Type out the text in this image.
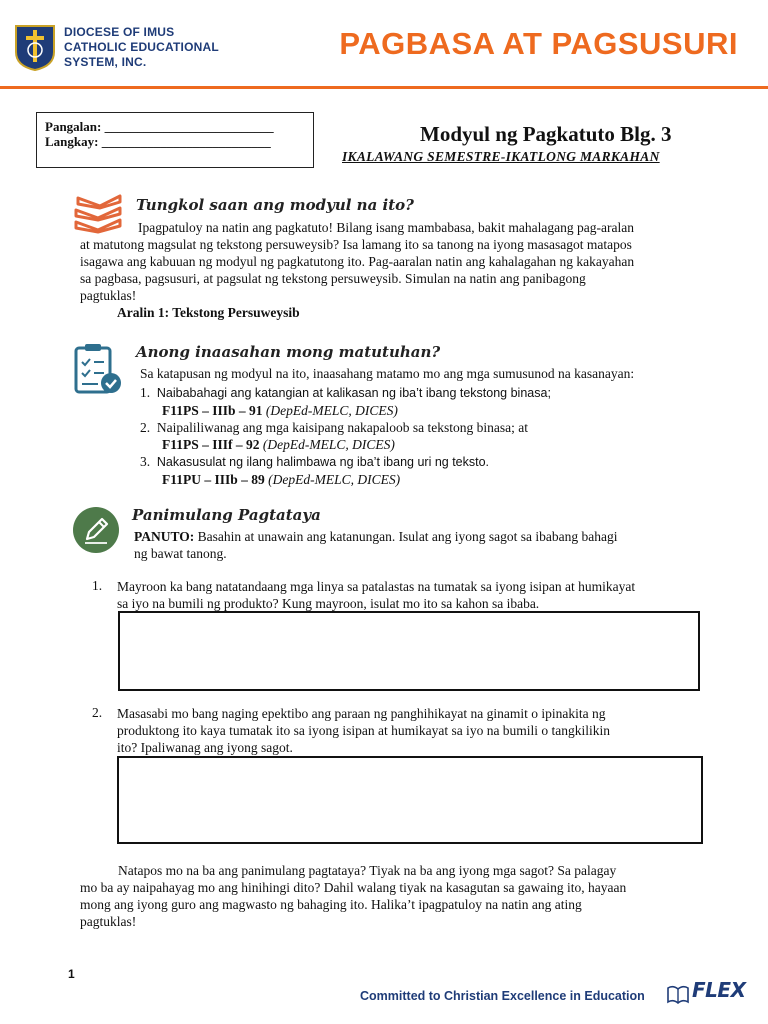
DIOCESE OF IMUS
CATHOLIC EDUCATIONAL
SYSTEM, INC.
PAGBASA AT PAGSUSURI
Pangalan: __________________________
Langkay: __________________________	Modyul ng Pagkatuto Blg. 3
IKALAWANG SEMESTRE-IKATLONG MARKAHAN
Tungkol saan ang modyul na ito?
Ipagpatuloy na natin ang pagkatuto! Bilang isang mambabasa, bakit mahalagang pag-aralan
at matutong magsulat ng tekstong persuweysib? Isa lamang ito sa tanong na iyong masasagot matapos
isagawa ang kabuuan ng modyul ng pagkatutong ito. Pag-aaralan natin ang kahalagahan ng kakayahan
sa pagbasa, pagsusuri, at pagsulat ng tekstong persuweysib. Simulan na natin ang panibagong
pagtuklas!
Aralin 1: Tekstong Persuweysib
Anong inaasahan mong matutuhan?
Sa katapusan ng modyul na ito, inaasahang matamo mo ang mga sumusunod na kasanayan:
1. Naibabahagi ang katangian at kalikasan ng iba’t ibang tekstong binasa;
F11PS – IIIb – 91 (DepEd-MELC, DICES)
2. Naipaliliwanag ang mga kaisipang nakapaloob sa tekstong binasa; at
F11PS – IIIf – 92 (DepEd-MELC, DICES)
3. Nakasusulat ng ilang halimbawa ng iba’t ibang uri ng teksto.
F11PU – IIIb – 89 (DepEd-MELC, DICES)
Panimulang Pagtataya
PANUTO: Basahin at unawain ang katanungan. Isulat ang iyong sagot sa ibabang bahagi
ng bawat tanong.
1. Mayroon ka bang natatandaang mga linya sa patalastas na tumatak sa iyong isipan at humikayat
sa iyo na bumili ng produkto? Kung mayroon, isulat mo ito sa kahon sa ibaba.
2. Masasabi mo bang naging epektibo ang paraan ng panghihikayat na ginamit o ipinakita ng
produktong ito kaya tumatak ito sa iyong isipan at humikayat sa iyo na bumili o tangkilikin
ito? Ipaliwanag ang iyong sagot.
Natapos mo na ba ang panimulang pagtataya? Tiyak na ba ang iyong mga sagot? Sa palagay
mo ba ay naipahayag mo ang hinihingi dito? Dahil walang tiyak na kasagutan sa gawaing ito, hayaan
mong ang iyong guro ang magwasto ng bahaging ito. Halika’t ipagpatuloy na natin ang ating
pagtuklas!
1
Committed to Christian Excellence in Education FLEX
